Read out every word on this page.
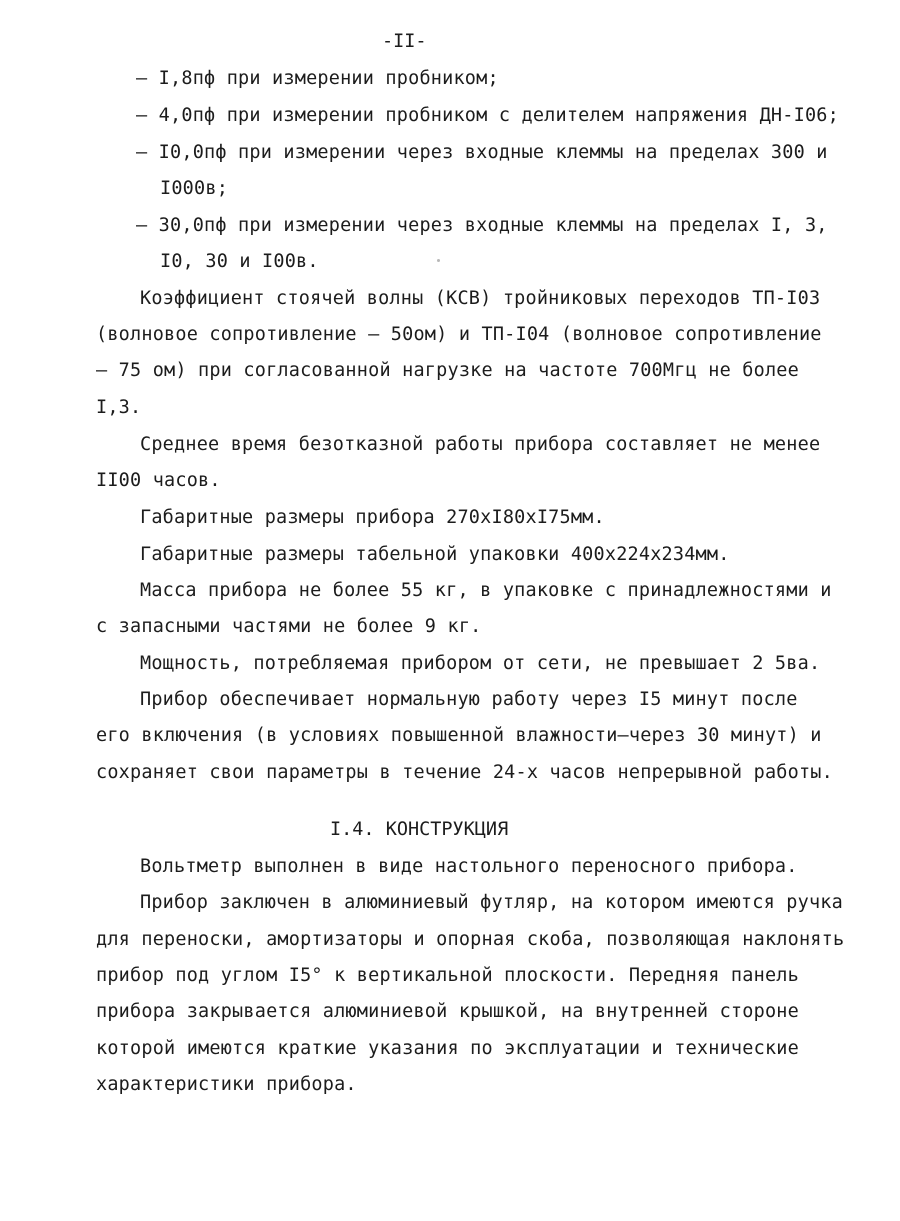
-II-
– I,8пф при измерении пробником;
– 4,0пф при измерении пробником с делителем напряжения ДН-I06;
– I0,0пф при измерении через входные клеммы на пределах 300 и
I000в;
– 30,0пф при измерении через входные клеммы на пределах I, 3,
I0, 30 и I00в.
Коэффициент стоячей волны (КСВ) тройниковых переходов ТП-I03
(волновое сопротивление – 50ом) и ТП-I04 (волновое сопротивление
– 75 ом) при согласованной нагрузке на частоте 700Мгц не более
I,3.
Среднее время безотказной работы прибора составляет не менее
II00 часов.
Габаритные размеры прибора 270хI80хI75мм.
Габаритные размеры табельной упаковки 400х224х234мм.
Масса прибора не более 55 кг, в упаковке с принадлежностями и
с запасными частями не более 9 кг.
Мощность, потребляемая прибором от сети, не превышает 2 5ва.
Прибор обеспечивает нормальную работу через I5 минут после
его включения (в условиях повышенной влажности–через 30 минут) и
сохраняет свои параметры в течение 24-х часов непрерывной работы.
I.4. КОНСТРУКЦИЯ
Вольтметр выполнен в виде настольного переносного прибора.
Прибор заключен в алюминиевый футляр, на котором имеются ручка
для переноски, амортизаторы и опорная скоба, позволяющая наклонять
прибор под углом I5° к вертикальной плоскости. Передняя панель
прибора закрывается алюминиевой крышкой, на внутренней стороне
которой имеются краткие указания по эксплуатации и технические
характеристики прибора.
